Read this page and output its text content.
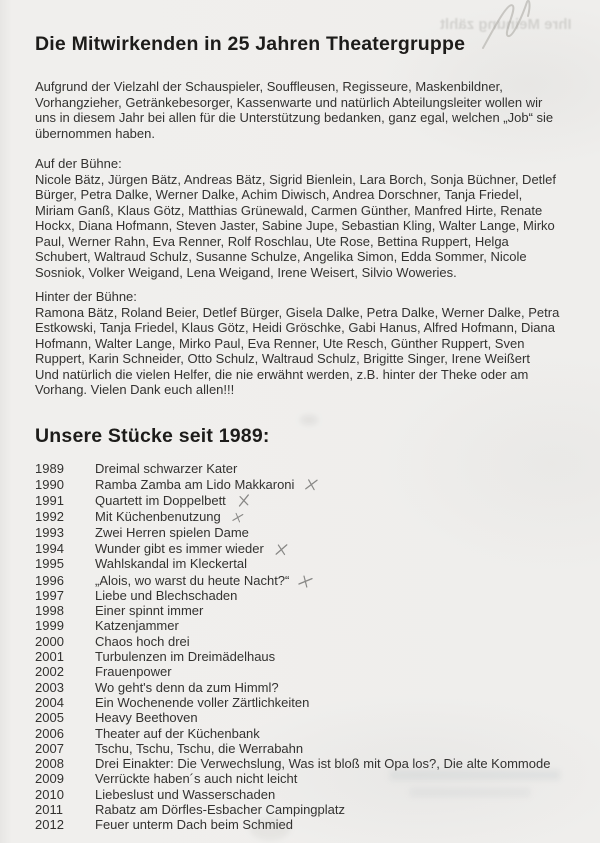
Ihre Meinung zählt
Die Mitwirkenden in 25 Jahren Theatergruppe

Aufgrund der Vielzahl der Schauspieler, Souffleusen, Regisseure, Maskenbildner, Vorhangzieher, Getränkebesorger, Kassenwarte und natürlich Abteilungsleiter wollen wir uns in diesem Jahr bei allen für die Unterstützung bedanken, ganz egal, welchen „Job“ sie übernommen haben.

Auf der Bühne:
Nicole Bätz, Jürgen Bätz, Andreas Bätz, Sigrid Bienlein, Lara Borch, Sonja Büchner, Detlef Bürger, Petra Dalke, Werner Dalke, Achim Diwisch, Andrea Dorschner, Tanja Friedel, Miriam Ganß, Klaus Götz, Matthias Grünewald, Carmen Günther, Manfred Hirte, Renate Hockx, Diana Hofmann, Steven Jaster, Sabine Jupe, Sebastian Kling, Walter Lange, Mirko Paul, Werner Rahn, Eva Renner, Rolf Roschlau, Ute Rose, Bettina Ruppert, Helga Schubert, Waltraud Schulz, Susanne Schulze, Angelika Simon, Edda Sommer, Nicole Sosniok, Volker Weigand, Lena Weigand, Irene Weisert, Silvio Woweries.
Hinter der Bühne:
Ramona Bätz, Roland Beier, Detlef Bürger, Gisela Dalke, Petra Dalke, Werner Dalke, Petra Estkowski, Tanja Friedel, Klaus Götz, Heidi Gröschke, Gabi Hanus, Alfred Hofmann, Diana Hofmann, Walter Lange, Mirko Paul, Eva Renner, Ute Resch, Günther Ruppert, Sven Ruppert, Karin Schneider, Otto Schulz, Waltraud Schulz, Brigitte Singer, Irene Weißert
Und natürlich die vielen Helfer, die nie erwähnt werden, z.B. hinter der Theke oder am Vorhang. Vielen Dank euch allen!!!
Unsere Stücke seit 1989:
1989	Dreimal schwarzer Kater
1990	Ramba Zamba am Lido Makkaroni
1991	Quartett im Doppelbett
1992	Mit Küchenbenutzung
1993	Zwei Herren spielen Dame
1994	Wunder gibt es immer wieder
1995	Wahlskandal im Kleckertal
1996	„Alois, wo warst du heute Nacht?“
1997	Liebe und Blechschaden
1998	Einer spinnt immer
1999	Katzenjammer
2000	Chaos hoch drei
2001	Turbulenzen im Dreimädelhaus
2002	Frauenpower
2003	Wo geht's denn da zum Himml?
2004	Ein Wochenende voller Zärtlichkeiten
2005	Heavy Beethoven
2006	Theater auf der Küchenbank
2007	Tschu, Tschu, Tschu, die Werrabahn
2008	Drei Einakter: Die Verwechslung, Was ist bloß mit Opa los?, Die alte Kommode
2009	Verrückte haben´s auch nicht leicht
2010	Liebeslust und Wasserschaden
2011	Rabatz am Dörfles-Esbacher Campingplatz
2012	Feuer unterm Dach beim Schmied
